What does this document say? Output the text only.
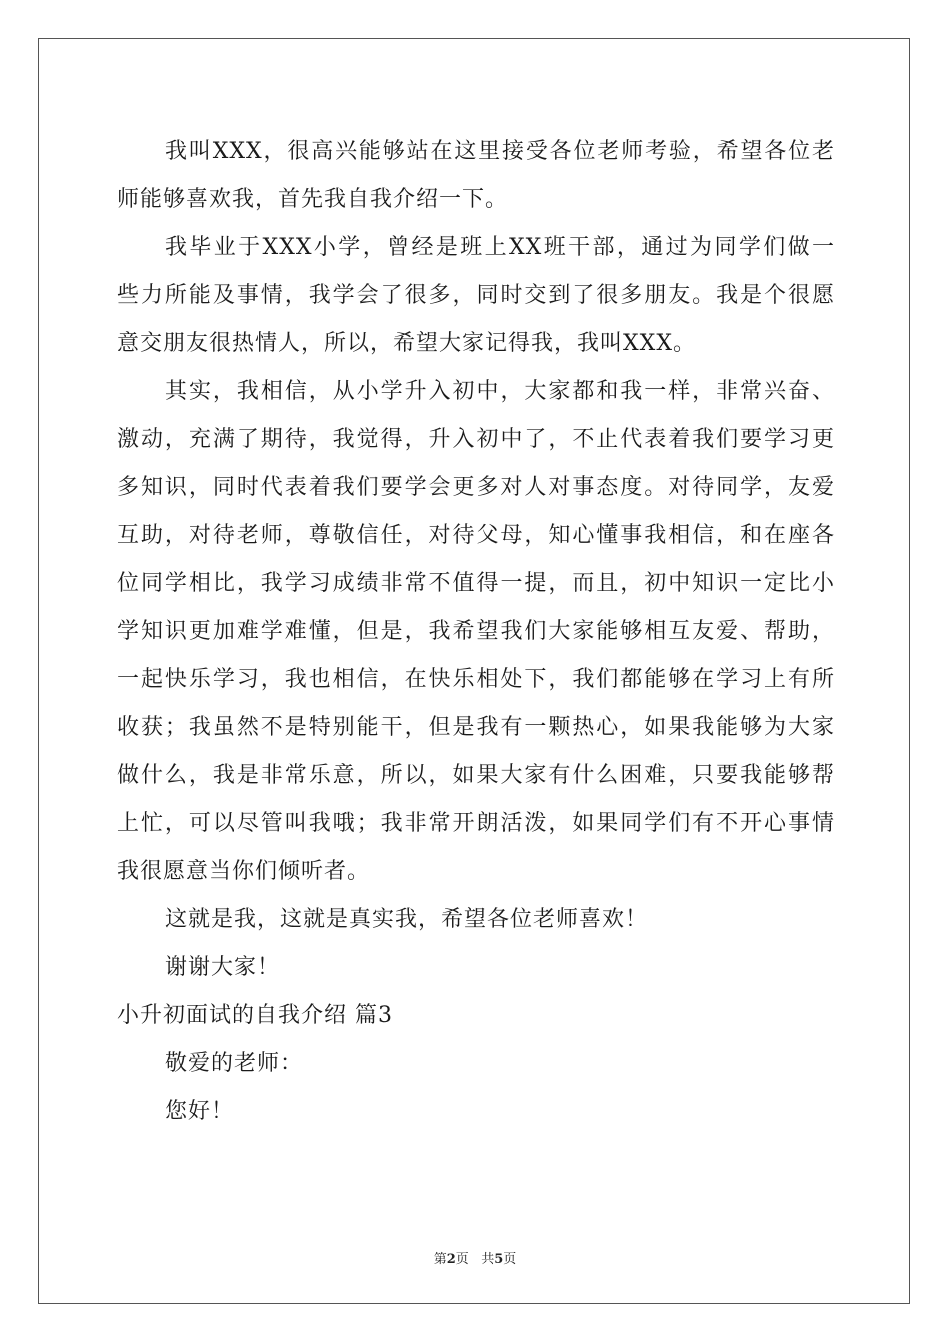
我叫XXX，很高兴能够站在这里接受各位老师考验，希望各位老
师能够喜欢我，首先我自我介绍一下。
我毕业于XXX小学，曾经是班上XX班干部，通过为同学们做一
些力所能及事情，我学会了很多，同时交到了很多朋友。我是个很愿
意交朋友很热情人，所以，希望大家记得我，我叫XXX。
其实，我相信，从小学升入初中，大家都和我一样，非常兴奋、
激动，充满了期待，我觉得，升入初中了，不止代表着我们要学习更
多知识，同时代表着我们要学会更多对人对事态度。对待同学，友爱
互助，对待老师，尊敬信任，对待父母，知心懂事我相信，和在座各
位同学相比，我学习成绩非常不值得一提，而且，初中知识一定比小
学知识更加难学难懂，但是，我希望我们大家能够相互友爱、帮助，
一起快乐学习，我也相信，在快乐相处下，我们都能够在学习上有所
收获；我虽然不是特别能干，但是我有一颗热心，如果我能够为大家
做什么，我是非常乐意，所以，如果大家有什么困难，只要我能够帮
上忙，可以尽管叫我哦；我非常开朗活泼，如果同学们有不开心事情
我很愿意当你们倾听者。
这就是我，这就是真实我，希望各位老师喜欢！
谢谢大家！
小升初面试的自我介绍 篇3
敬爱的老师：
您好！
第2页 共5页
